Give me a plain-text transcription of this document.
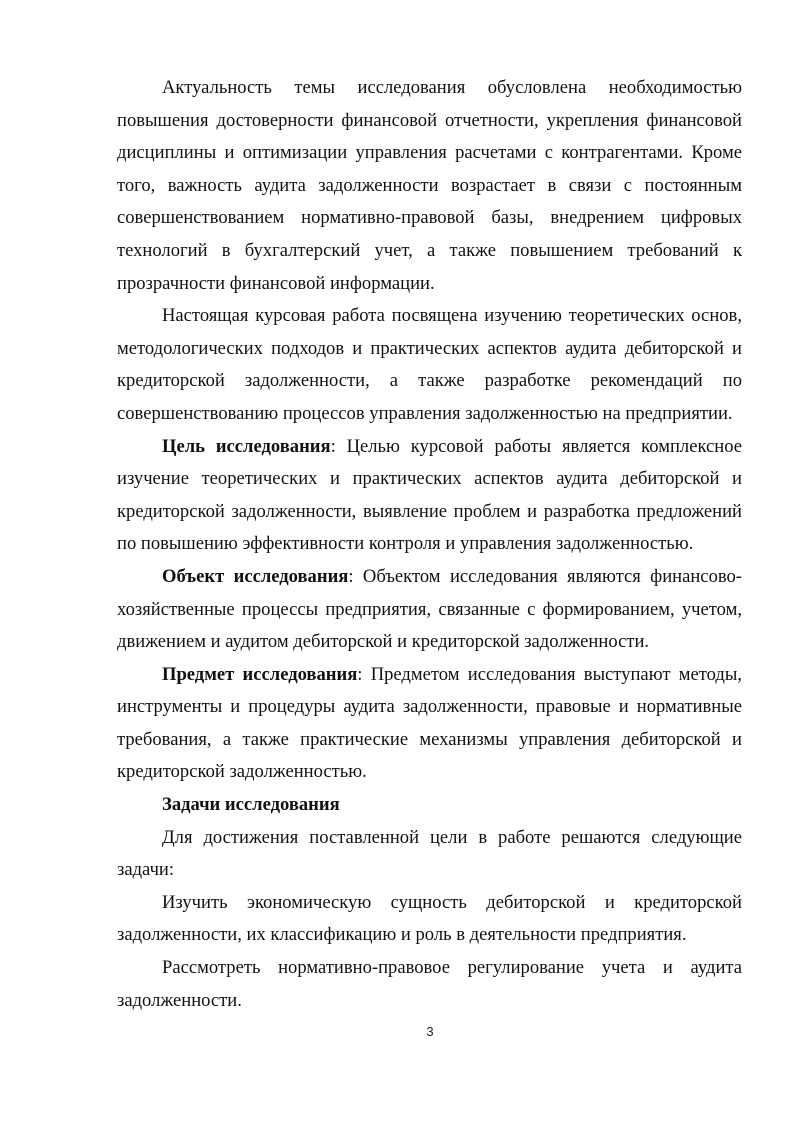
Актуальность темы исследования обусловлена необходимостью повышения достоверности финансовой отчетности, укрепления финансовой дисциплины и оптимизации управления расчетами с контрагентами. Кроме того, важность аудита задолженности возрастает в связи с постоянным совершенствованием нормативно-правовой базы, внедрением цифровых технологий в бухгалтерский учет, а также повышением требований к прозрачности финансовой информации.

Настоящая курсовая работа посвящена изучению теоретических основ, методологических подходов и практических аспектов аудита дебиторской и кредиторской задолженности, а также разработке рекомендаций по совершенствованию процессов управления задолженностью на предприятии.

Цель исследования: Целью курсовой работы является комплексное изучение теоретических и практических аспектов аудита дебиторской и кредиторской задолженности, выявление проблем и разработка предложений по повышению эффективности контроля и управления задолженностью.

Объект исследования: Объектом исследования являются финансово-хозяйственные процессы предприятия, связанные с формированием, учетом, движением и аудитом дебиторской и кредиторской задолженности.

Предмет исследования: Предметом исследования выступают методы, инструменты и процедуры аудита задолженности, правовые и нормативные требования, а также практические механизмы управления дебиторской и кредиторской задолженностью.

Задачи исследования

Для достижения поставленной цели в работе решаются следующие задачи:

Изучить экономическую сущность дебиторской и кредиторской задолженности, их классификацию и роль в деятельности предприятия.

Рассмотреть нормативно-правовое регулирование учета и аудита задолженности.

3
